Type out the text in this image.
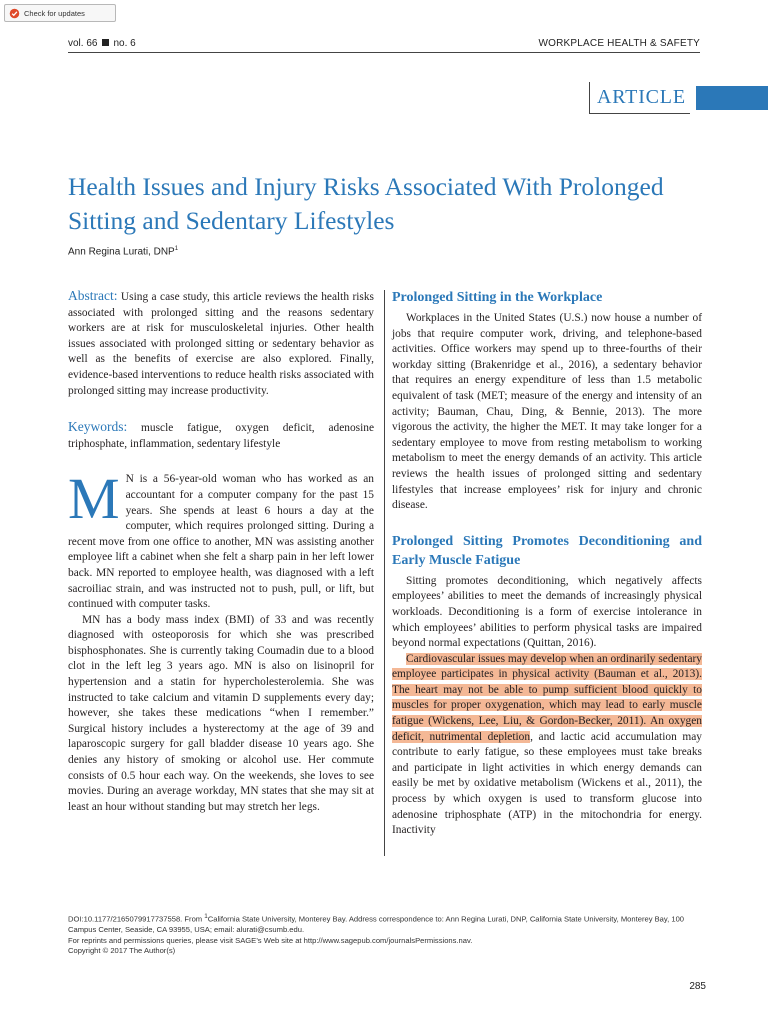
Check for updates
vol. 66 no. 6	WORKPLACE HEALTH & SAFETY
ARTICLE
Health Issues and Injury Risks Associated With Prolonged Sitting and Sedentary Lifestyles
Ann Regina Lurati, DNP$^1$

Abstract: Using a case study, this article reviews the health risks associated with prolonged sitting and the reasons sedentary workers are at risk for musculoskeletal injuries. Other health issues associated with prolonged sitting or sedentary behavior as well as the benefits of exercise are also explored. Finally, evidence-based interventions to reduce health risks associated with prolonged sitting may increase productivity.

Keywords: muscle fatigue, oxygen deficit, adenosine triphosphate, inflammation, sedentary lifestyle

M N is a 56-year-old woman who has worked as an accountant for a computer company for the past 15 years. She spends at least 6 hours a day at the computer, which requires prolonged sitting. During a recent move from one office to another, MN was assisting another employee lift a cabinet when she felt a sharp pain in her left lower back. MN reported to employee health, was diagnosed with a left sacroiliac strain, and was instructed not to push, pull, or lift, but continued with computer tasks.

MN has a body mass index (BMI) of 33 and was recently diagnosed with osteoporosis for which she was prescribed bisphosphonates. She is currently taking Coumadin due to a blood clot in the left leg 3 years ago. MN is also on lisinopril for hypertension and a statin for hypercholesterolemia. She was instructed to take calcium and vitamin D supplements every day; however, she takes these medications “when I remember.” Surgical history includes a hysterectomy at the age of 39 and laparoscopic surgery for gall bladder disease 10 years ago. She denies any history of smoking or alcohol use. Her commute consists of 0.5 hour each way. On the weekends, she loves to see movies. During an average workday, MN states that she may sit at least an hour without standing but may stretch her legs.

Prolonged Sitting in the Workplace

Workplaces in the United States (U.S.) now house a number of jobs that require computer work, driving, and telephone-based activities. Office workers may spend up to three-fourths of their workday sitting (Brakenridge et al., 2016), a sedentary behavior that requires an energy expenditure of less than 1.5 metabolic equivalent of task (MET; measure of the energy and intensity of an activity; Bauman, Chau, Ding, & Bennie, 2013). The more vigorous the activity, the higher the MET. It may take longer for a sedentary employee to move from resting metabolism to working metabolism to meet the energy demands of an activity. This article reviews the health issues of prolonged sitting and sedentary lifestyles that increase employees’ risk for injury and chronic disease.

Prolonged Sitting Promotes Deconditioning and Early Muscle Fatigue

Sitting promotes deconditioning, which negatively affects employees’ abilities to meet the demands of increasingly physical workloads. Deconditioning is a form of exercise intolerance in which employees’ abilities to perform physical tasks are impaired beyond normal expectations (Quittan, 2016).

Cardiovascular issues may develop when an ordinarily sedentary employee participates in physical activity (Bauman et al., 2013). The heart may not be able to pump sufficient blood quickly to muscles for proper oxygenation, which may lead to early muscle fatigue (Wickens, Lee, Liu, & Gordon-Becker, 2011). An oxygen deficit, nutrimental depletion, and lactic acid accumulation may contribute to early fatigue, so these employees must take breaks and participate in light activities in which energy demands can easily be met by oxidative metabolism (Wickens et al., 2011), the process by which oxygen is used to transform glucose into adenosine triphosphate (ATP) in the mitochondria for energy. Inactivity

DOI:10.1177/2165079917737558. From $^1$California State University, Monterey Bay. Address correspondence to: Ann Regina Lurati, DNP, California State University, Monterey Bay, 100 Campus Center, Seaside, CA 93955, USA; email: alurati@csumb.edu.

For reprints and permissions queries, please visit SAGE’s Web site at http://www.sagepub.com/journalsPermissions.nav.

Copyright © 2017 The Author(s)

285
